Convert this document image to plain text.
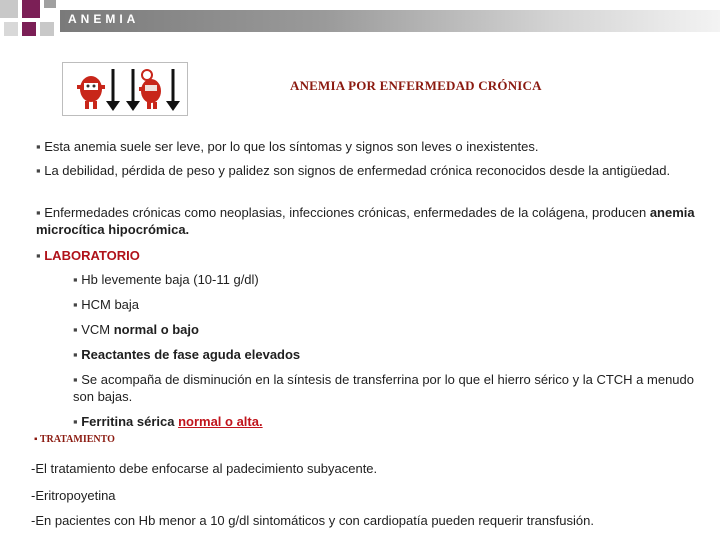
ANEMIA
ANEMIA POR ENFERMEDAD CRÓNICA
▪ Esta anemia suele ser leve, por lo que los síntomas y signos son leves o inexistentes.
▪ La debilidad, pérdida de peso y palidez son signos de enfermedad crónica reconocidos desde la antigüedad.
▪ Enfermedades crónicas como neoplasias, infecciones crónicas, enfermedades de la colágena, producen anemia microcítica hipocrómica.
▪ LABORATORIO
▪ Hb levemente baja (10-11 g/dl)
▪ HCM baja
▪ VCM normal o bajo
▪ Reactantes de fase aguda elevados
▪ Se acompaña de disminución en la síntesis de transferrina por lo que el hierro sérico y la CTCH a menudo son bajas.
▪ Ferritina sérica normal o alta.
▪ TRATAMIENTO
-El tratamiento debe enfocarse al padecimiento subyacente.
-Eritropoyetina
-En pacientes con Hb menor a 10 g/dl sintomáticos y con cardiopatía pueden requerir transfusión.
